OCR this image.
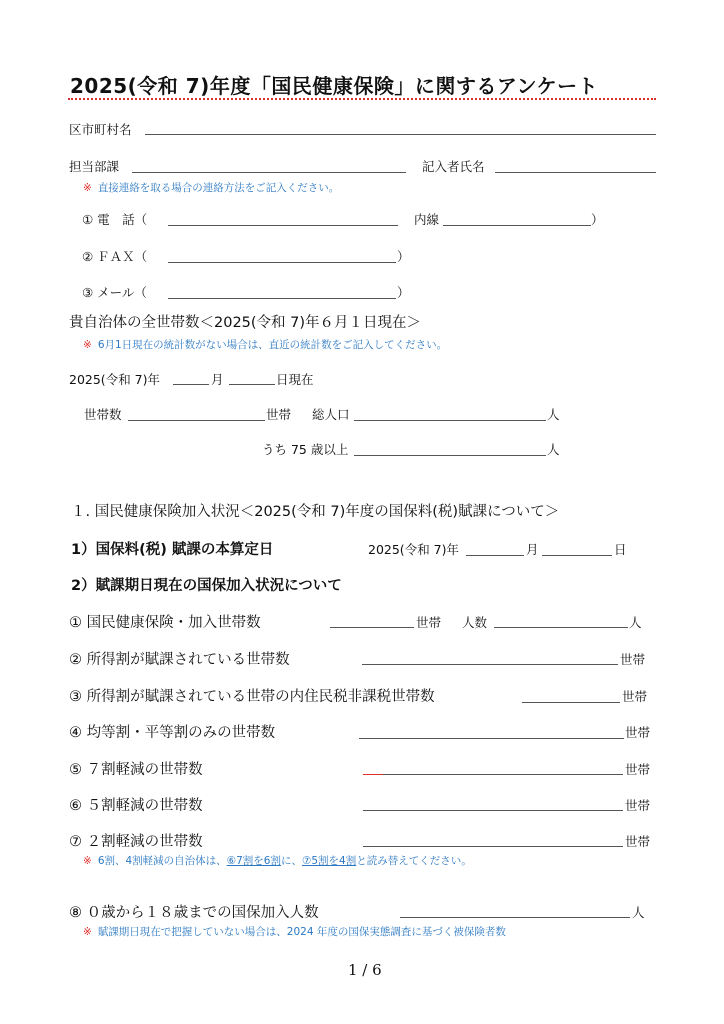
2025(令和 7)年度「国民健康保険」に関するアンケート
区市町村名
担当部課	記入者氏名
※ 直接連絡を取る場合の連絡方法をご記入ください。
① 電　話（	内線	）
② ＦＡＸ（	）
③ メール（	）
貴自治体の全世帯数＜2025(令和 7)年６月１日現在＞
※ 6月1日現在の統計数がない場合は、直近の統計数をご記入してください。
2025(令和 7)年	月	日現在
世帯数	世帯 総人口	人
うち 75 歳以上	人
１. 国民健康保険加入状況＜2025(令和 7)年度の国保料(税)賦課について＞
1）国保料(税) 賦課の本算定日	2025(令和 7)年	月	日
2）賦課期日現在の国保加入状況について
① 国民健康保険・加入世帯数	世帯 人数	人
② 所得割が賦課されている世帯数	世帯
③ 所得割が賦課されている世帯の内住民税非課税世帯数	世帯
④ 均等割・平等割のみの世帯数	世帯
⑤ ７割軽減の世帯数	世帯
⑥ ５割軽減の世帯数	世帯
⑦ ２割軽減の世帯数	世帯
※ 6割、4割軽減の自治体は、⑥7割を6割に、⑦5割を4割と読み替えてください。
⑧ ０歳から１８歳までの国保加入人数	人
※ 賦課期日現在で把握していない場合は、2024 年度の国保実態調査に基づく被保険者数
1 / 6
